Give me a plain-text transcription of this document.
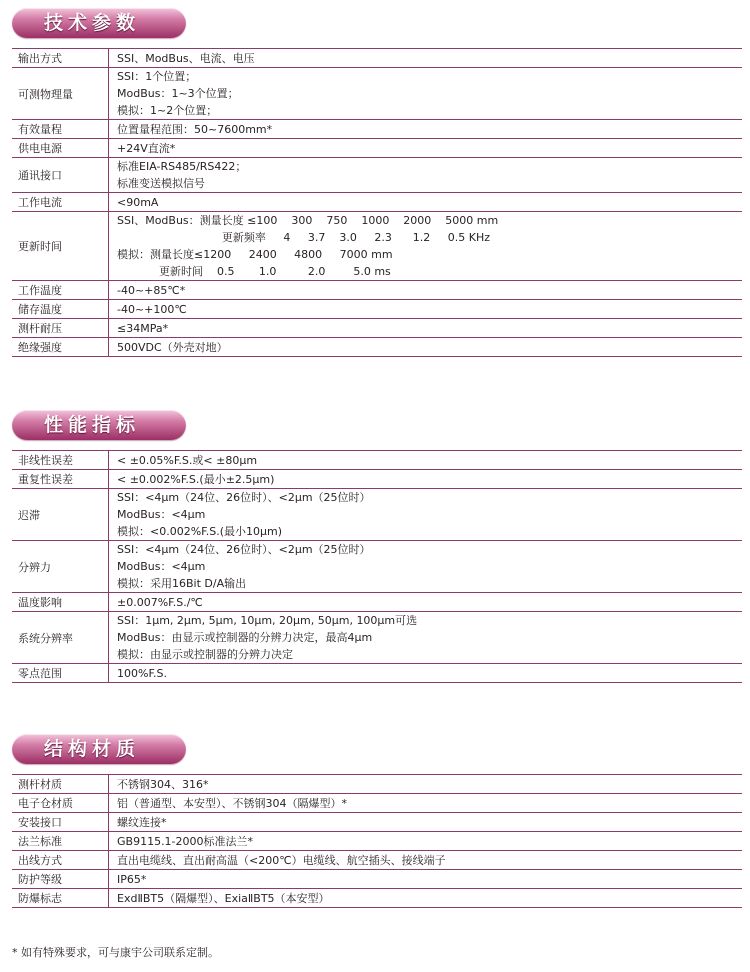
技术参数
输出方式	SSI、ModBus、电流、电压

可测物理量	SSI：1个位置；
ModBus：1~3个位置；
模拟：1~2个位置；

有效量程	位置量程范围：50~7600mm*

供电电源	+24V直流*

通讯接口	标准EIA-RS485/RS422；
标准变送模拟信号

工作电流	<90mA

更新时间	SSI、ModBus：测量长度 ≤100    300    750    1000    2000    5000 mm
更新频率     4     3.7    3.0     2.3      1.2     0.5 KHz
模拟：测量长度≤1200     2400     4800     7000 mm
更新时间    0.5       1.0         2.0        5.0 ms

工作温度	-40~+85℃*

储存温度	-40~+100℃

测杆耐压	≤34MPa*

绝缘强度	500VDC（外壳对地）
性能指标
非线性误差	< ±0.05%F.S.或< ±80μm

重复性误差	< ±0.002%F.S.(最小±2.5μm)

迟滞	SSI：<4μm（24位、26位时）、<2μm（25位时）
ModBus：<4μm
模拟：<0.002%F.S.(最小10μm)

分辨力	SSI：<4μm（24位、26位时）、<2μm（25位时）
ModBus：<4μm
模拟：采用16Bit D/A输出

温度影响	±0.007%F.S./℃

系统分辨率	SSI：1μm, 2μm, 5μm, 10μm, 20μm, 50μm, 100μm可选
ModBus：由显示或控制器的分辨力决定，最高4μm
模拟：由显示或控制器的分辨力决定

零点范围	100%F.S.
结构材质
测杆材质	不锈钢304、316*

电子仓材质	铝（普通型、本安型）、不锈钢304（隔爆型）*

安装接口	螺纹连接*

法兰标准	GB9115.1-2000标准法兰*

出线方式	直出电缆线、直出耐高温（<200℃）电缆线、航空插头、接线端子

防护等级	IP65*

防爆标志	ExdⅡBT5（隔爆型）、ExiaⅡBT5（本安型）
* 如有特殊要求，可与康宇公司联系定制。
